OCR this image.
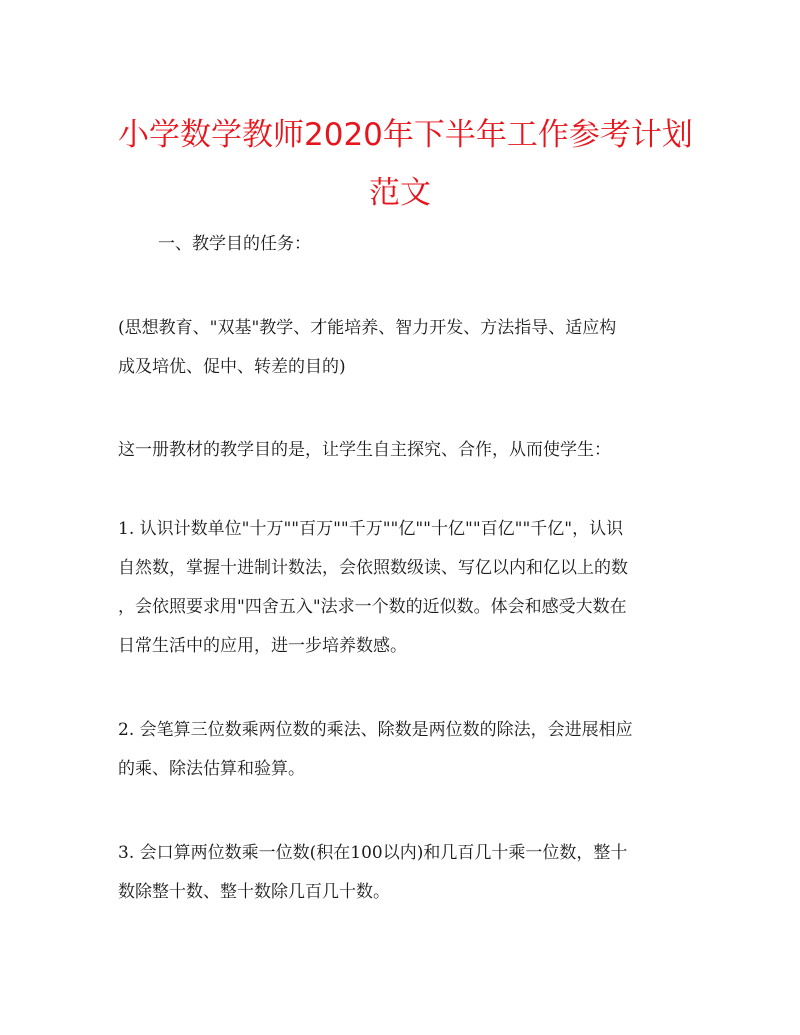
小学数学教师2020年下半年工作参考计划
范文
一、教学目的任务：
(思想教育、"双基"教学、才能培养、智力开发、方法指导、适应构
成及培优、促中、转差的目的)
这一册教材的教学目的是，让学生自主探究、合作，从而使学生：
1. 认识计数单位"十万""百万""千万""亿""十亿""百亿""千亿"，认识
自然数，掌握十进制计数法，会依照数级读、写亿以内和亿以上的数
，会依照要求用"四舍五入"法求一个数的近似数。体会和感受大数在
日常生活中的应用，进一步培养数感。
2. 会笔算三位数乘两位数的乘法、除数是两位数的除法，会进展相应
的乘、除法估算和验算。
3. 会口算两位数乘一位数(积在100以内)和几百几十乘一位数，整十
数除整十数、整十数除几百几十数。
